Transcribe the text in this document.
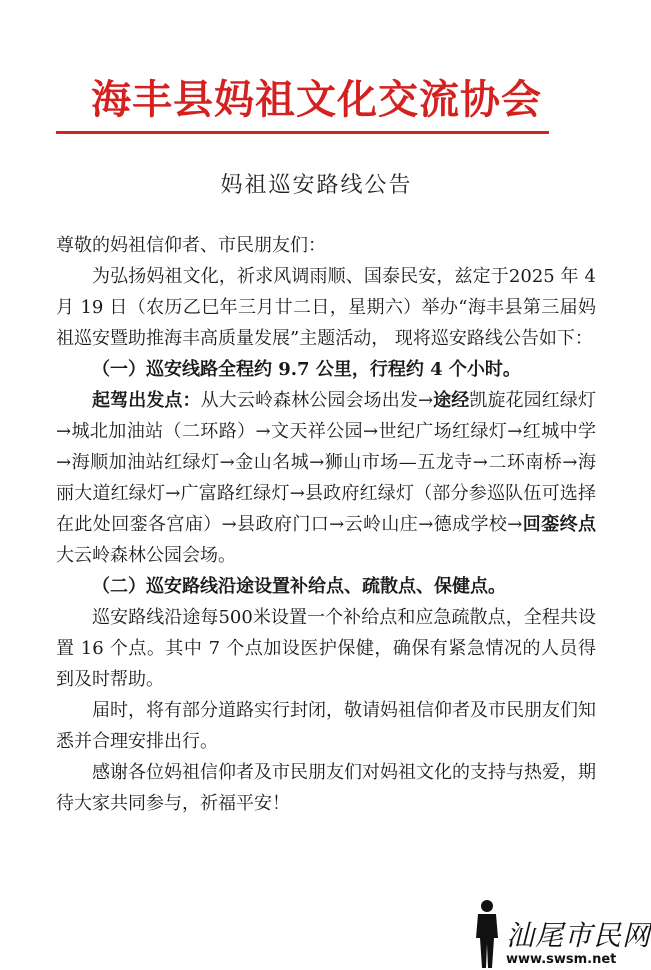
海丰县妈祖文化交流协会
妈祖巡安路线公告

尊敬的妈祖信仰者、市民朋友们：

为弘扬妈祖文化，祈求风调雨顺、国泰民安，兹定于2025 年 4 月 19 日（农历乙巳年三月廿二日，星期六）举办“海丰县第三届妈祖巡安暨助推海丰高质量发展”主题活动， 现将巡安路线公告如下：

（一）巡安线路全程约 9.7 公里，行程约 4 个小时。

起驾出发点：从大云岭森林公园会场出发→途经凯旋花园红绿灯→城北加油站（二环路）→文天祥公园→世纪广场红绿灯→红城中学→海顺加油站红绿灯→金山名城→狮山市场—五龙寺→二环南桥→海丽大道红绿灯→广富路红绿灯→县政府红绿灯（部分参巡队伍可选择在此处回銮各宫庙）→县政府门口→云岭山庄→德成学校→回銮终点大云岭森林公园会场。

（二）巡安路线沿途设置补给点、疏散点、保健点。

巡安路线沿途每500米设置一个补给点和应急疏散点，全程共设置 16 个点。其中 7 个点加设医护保健，确保有紧急情况的人员得到及时帮助。

届时，将有部分道路实行封闭，敬请妈祖信仰者及市民朋友们知悉并合理安排出行。

感谢各位妈祖信仰者及市民朋友们对妈祖文化的支持与热爱，期待大家共同参与，祈福平安！

汕尾市民网
www.swsm.net
